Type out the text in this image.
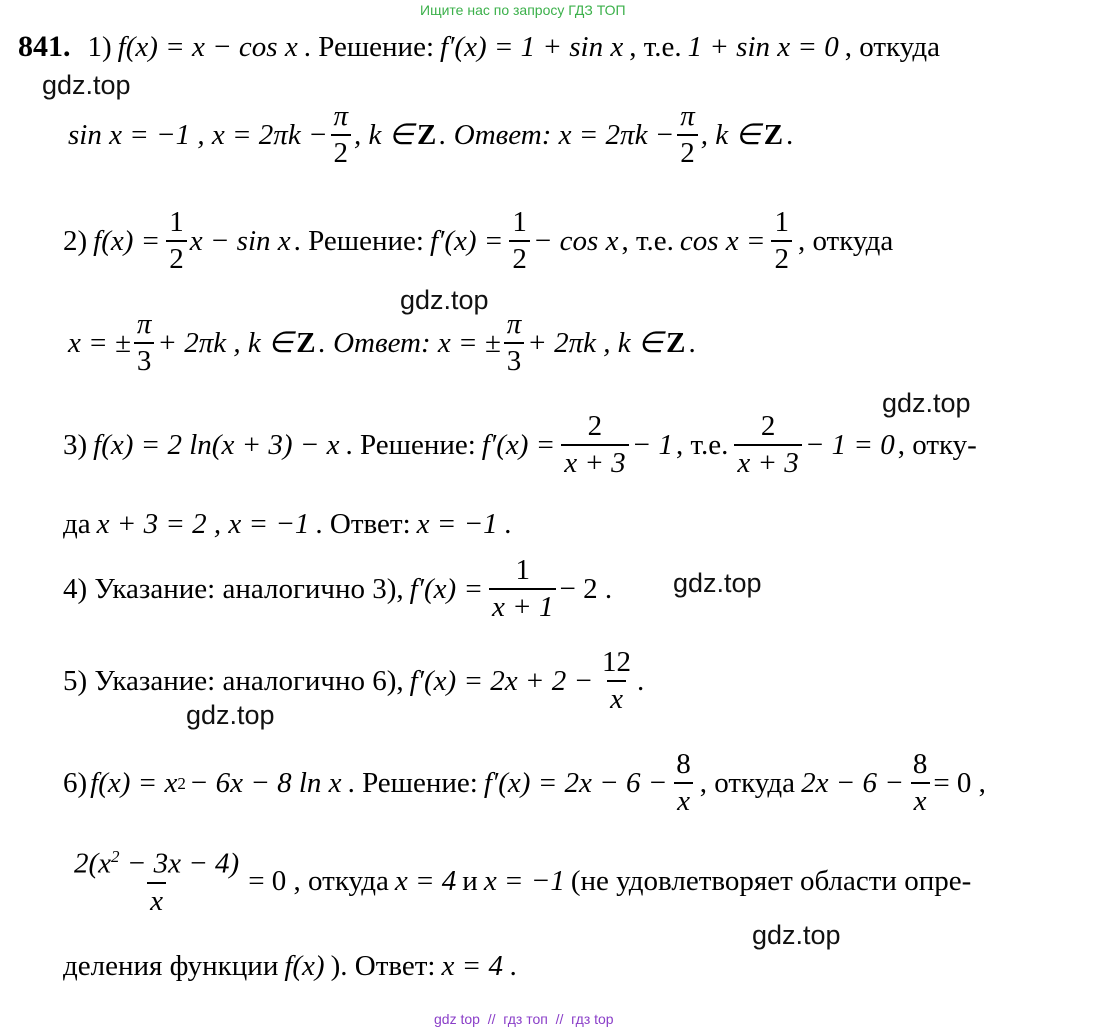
Ищите нас по запросу ГДЗ ТОП
gdz.top
gdz.top
gdz.top
gdz.top
gdz.top
gdz.top
841. 1) f(x) = x − cos x . Решение: f′(x) = 1 + sin x , т.е. 1 + sin x = 0 , откуда
sin x = −1 , $x = 2\pi k - \frac{\pi}{2}$ , k ∈ Z . Ответ: $x = 2\pi k - \frac{\pi}{2}$ , k ∈ Z .
2) $f(x) = \frac{1}{2}$ x − sin x . Решение: $f'(x) = \frac{1}{2} - \cos x$ , т.е. $\cos x = \frac{1}{2}$ , откуда
x = ± $\frac{\pi}{3} + 2\pi k$ , k ∈ Z . Ответ: x = ± $\frac{\pi}{3} + 2\pi k$ , k ∈ Z .
3) f(x) = 2 ln(x + 3) − x . Решение: $f'(x) = \frac{2}{x + 3} - 1$ , т.е. $\frac{2}{x + 3} - 1 = 0$ , отку-
да x + 3 = 2 , x = −1 . Ответ: x = −1 .
4) Указание: аналогично 3), $f'(x) = \frac{1}{x + 1} - 2$ .
5) Указание: аналогично 6), $f'(x) = 2x + 2 - \frac{12}{x}$ .
6) f(x) = x 2 − 6x − 8 ln x . Решение: $f'(x) = 2x - 6 - \frac{8}{x}$ , откуда $2x - 6 - \frac{8}{x} = 0$ ,
$\frac{2(x^2 - 3x - 4)}{x} = 0$ , откуда x = 4 и x = −1 (не удовлетворяет области опре-
деления функции f(x) ). Ответ: x = 4 .
gdz top  //  гдз топ  //  гдз top
